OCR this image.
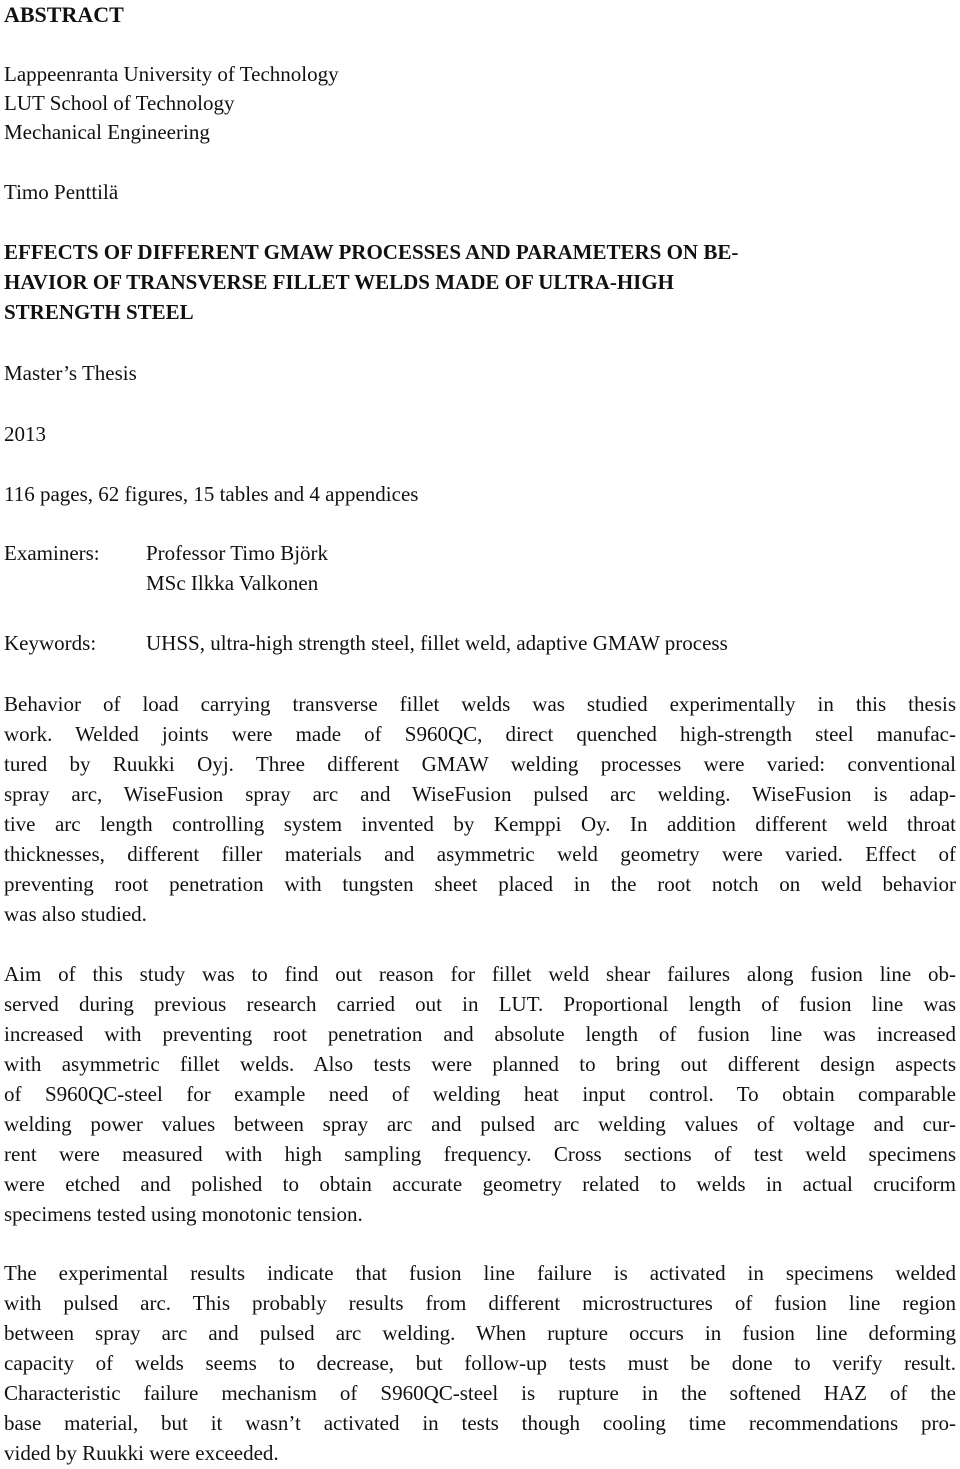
ABSTRACT
Lappeenranta University of Technology
LUT School of Technology
Mechanical Engineering
Timo Penttilä
EFFECTS OF DIFFERENT GMAW PROCESSES AND PARAMETERS ON BE-
HAVIOR OF TRANSVERSE FILLET WELDS MADE OF ULTRA-HIGH
STRENGTH STEEL
Master’s Thesis
2013
116 pages, 62 figures, 15 tables and 4 appendices
Examiners: Professor Timo Björk
MSc Ilkka Valkonen
Keywords: UHSS, ultra-high strength steel, fillet weld, adaptive GMAW process
Behavior of load carrying transverse fillet welds was studied experimentally in this thesis
work. Welded joints were made of S960QC, direct quenched high-strength steel manufac-
tured by Ruukki Oyj. Three different GMAW welding processes were varied: conventional
spray arc, WiseFusion spray arc and WiseFusion pulsed arc welding. WiseFusion is adap-
tive arc length controlling system invented by Kemppi Oy. In addition different weld throat
thicknesses, different filler materials and asymmetric weld geometry were varied. Effect of
preventing root penetration with tungsten sheet placed in the root notch on weld behavior
was also studied.
Aim of this study was to find out reason for fillet weld shear failures along fusion line ob-
served during previous research carried out in LUT. Proportional length of fusion line was
increased with preventing root penetration and absolute length of fusion line was increased
with asymmetric fillet welds. Also tests were planned to bring out different design aspects
of S960QC-steel for example need of welding heat input control. To obtain comparable
welding power values between spray arc and pulsed arc welding values of voltage and cur-
rent were measured with high sampling frequency. Cross sections of test weld specimens
were etched and polished to obtain accurate geometry related to welds in actual cruciform
specimens tested using monotonic tension.
The experimental results indicate that fusion line failure is activated in specimens welded
with pulsed arc. This probably results from different microstructures of fusion line region
between spray arc and pulsed arc welding. When rupture occurs in fusion line deforming
capacity of welds seems to decrease, but follow-up tests must be done to verify result.
Characteristic failure mechanism of S960QC-steel is rupture in the softened HAZ of the
base material, but it wasn’t activated in tests though cooling time recommendations pro-
vided by Ruukki were exceeded.
